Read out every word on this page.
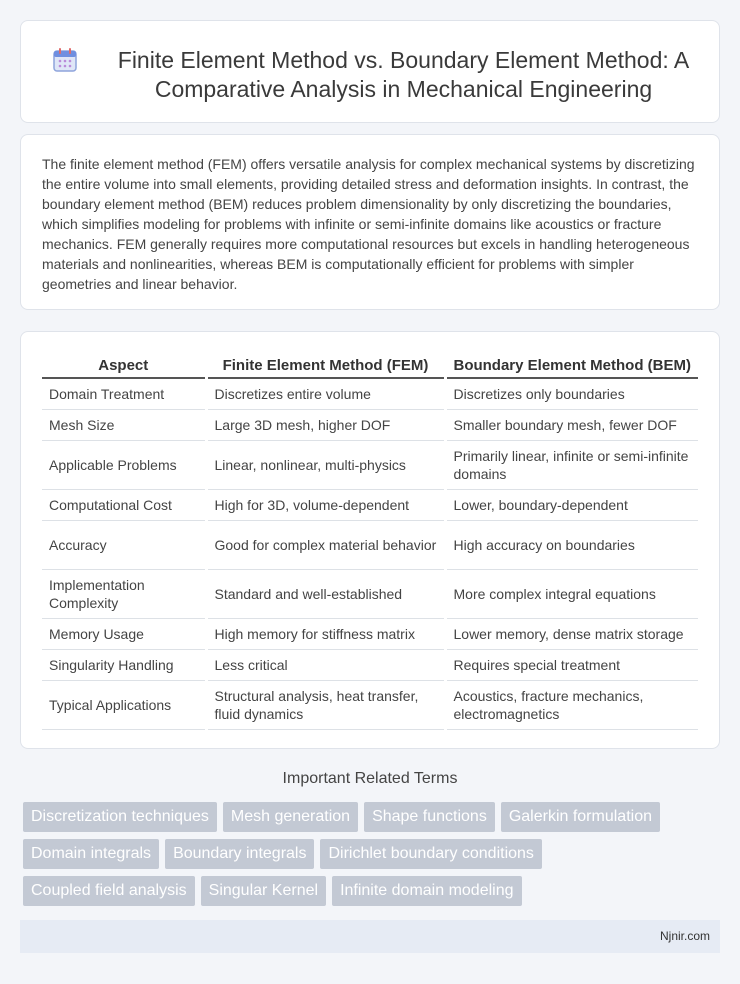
Finite Element Method vs. Boundary Element Method: A Comparative Analysis in Mechanical Engineering

The finite element method (FEM) offers versatile analysis for complex mechanical systems by discretizing the entire volume into small elements, providing detailed stress and deformation insights. In contrast, the boundary element method (BEM) reduces problem dimensionality by only discretizing the boundaries, which simplifies modeling for problems with infinite or semi-infinite domains like acoustics or fracture mechanics. FEM generally requires more computational resources but excels in handling heterogeneous materials and nonlinearities, whereas BEM is computationally efficient for problems with simpler geometries and linear behavior.

Aspect	Finite Element Method (FEM)	Boundary Element Method (BEM)
Domain Treatment	Discretizes entire volume	Discretizes only boundaries
Mesh Size	Large 3D mesh, higher DOF	Smaller boundary mesh, fewer DOF
Applicable Problems	Linear, nonlinear, multi-physics	Primarily linear, infinite or semi-infinite domains
Computational Cost	High for 3D, volume-dependent	Lower, boundary-dependent
Accuracy	Good for complex material behavior	High accuracy on boundaries
Implementation Complexity	Standard and well-established	More complex integral equations
Memory Usage	High memory for stiffness matrix	Lower memory, dense matrix storage
Singularity Handling	Less critical	Requires special treatment
Typical Applications	Structural analysis, heat transfer, fluid dynamics	Acoustics, fracture mechanics, electromagnetics
Important Related Terms
Discretization techniques	Mesh generation	Shape functions	Galerkin formulation
Domain integrals	Boundary integrals	Dirichlet boundary conditions
Coupled field analysis	Singular Kernel	Infinite domain modeling
Njnir.com
